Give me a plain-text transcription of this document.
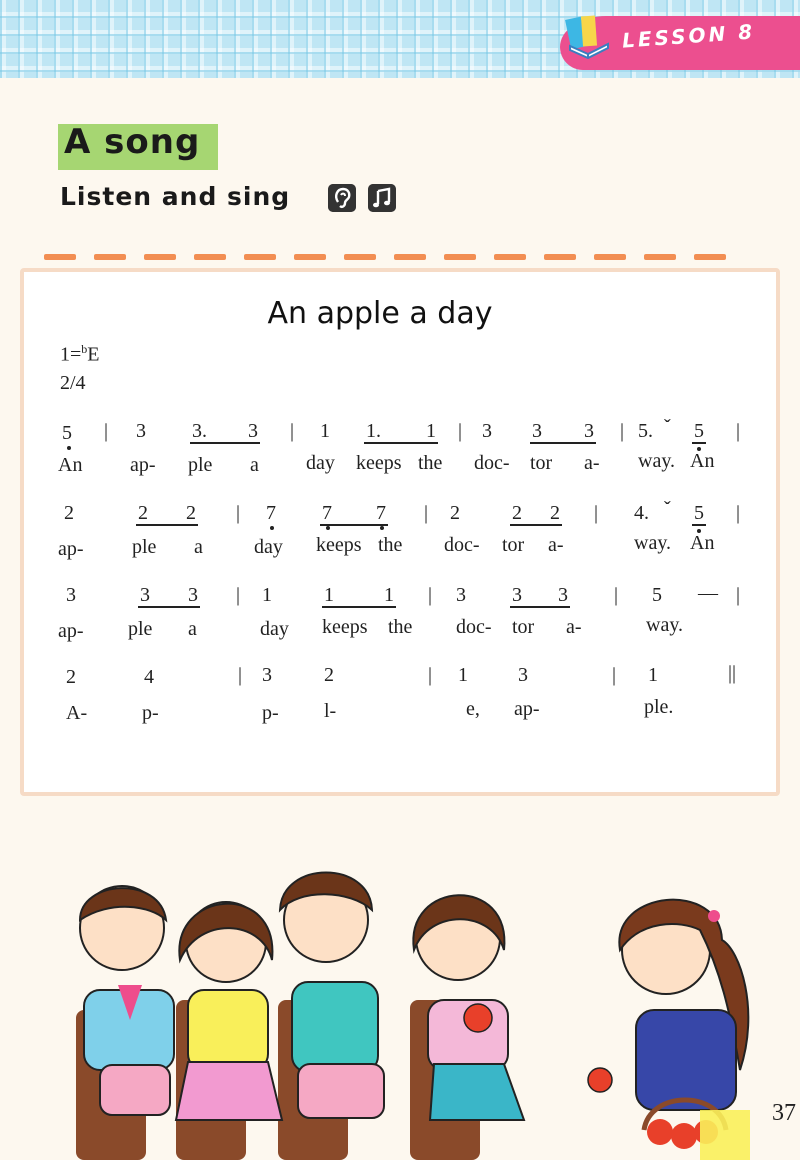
LESSON 8
A song
Listen and sing
An apple a day
1=$^b$E
2/4
5 | 3 3. 3 | 1 1. 1 | 3 3 3 | 5. ˇ 5 |
An ap- ple a day keeps the doc- tor a- way. An
2	2 2 | 7 7 7 | 2	2 2 | 4. ˇ 5 |
ap- ple a	day keeps the doc- tor a-	way. An
3	3 3 | 1	1	1 | 3 3 3 | 5 — |
ap- ple a	day keeps the doc- tor a-	way.
2	4	| 3	2	| 1	3	| 1	||
A-	p-	p- l-	e, ap-	ple.
37
